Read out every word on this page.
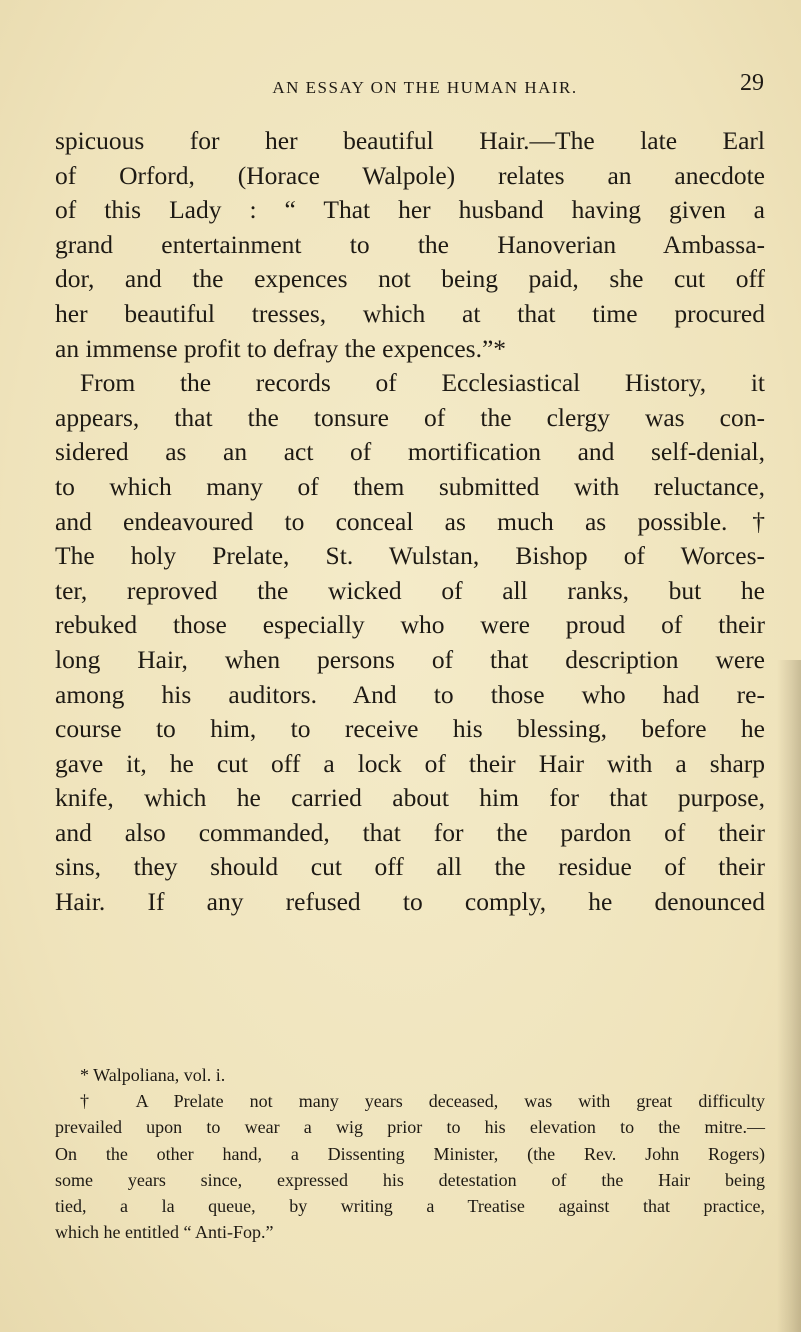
AN ESSAY ON THE HUMAN HAIR.	29
spicuous for her beautiful Hair.—The late Earl
of Orford, (Horace Walpole) relates an anecdote
of this Lady : “ That her husband having given a
grand entertainment to the Hanoverian Ambassa-
dor, and the expences not being paid, she cut off
her beautiful tresses, which at that time procured
an immense profit to defray the expences.”*
From the records of Ecclesiastical History, it
appears, that the tonsure of the clergy was con-
sidered as an act of mortification and self-denial,
to which many of them submitted with reluctance,
and endeavoured to conceal as much as possible.†
The holy Prelate, St. Wulstan, Bishop of Worces-
ter, reproved the wicked of all ranks, but he
rebuked those especially who were proud of their
long Hair, when persons of that description were
among his auditors. And to those who had re-
course to him, to receive his blessing, before he
gave it, he cut off a lock of their Hair with a sharp
knife, which he carried about him for that purpose,
and also commanded, that for the pardon of their
sins, they should cut off all the residue of their
Hair. If any refused to comply, he denounced
* Walpoliana, vol. i.
† A Prelate not many years deceased, was with great difficulty
prevailed upon to wear a wig prior to his elevation to the mitre.—
On the other hand, a Dissenting Minister, (the Rev. John Rogers)
some years since, expressed his detestation of the Hair being
tied, a la queue, by writing a Treatise against that practice,
which he entitled “ Anti-Fop.”
